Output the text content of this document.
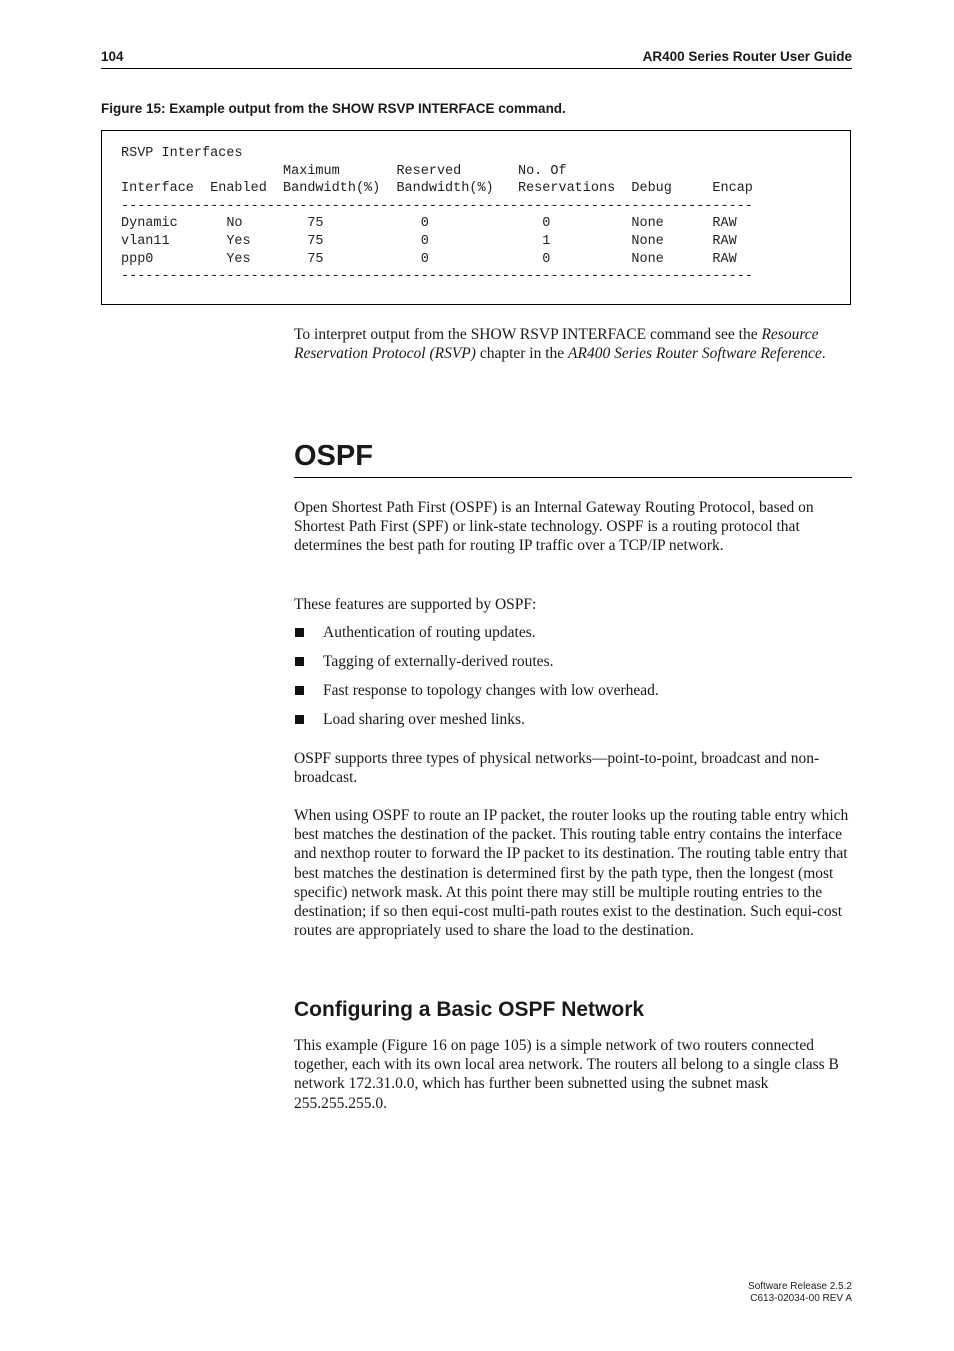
104	AR400 Series Router User Guide
Figure 15: Example output from the SHOW RSVP INTERFACE command.
RSVP Interfaces
Maximum       Reserved       No. Of
Interface  Enabled  Bandwidth(%)  Bandwidth(%)   Reservations  Debug     Encap
------------------------------------------------------------------------------
Dynamic      No        75            0              0          None      RAW
vlan11       Yes       75            0              1          None      RAW
ppp0         Yes       75            0              0          None      RAW
------------------------------------------------------------------------------

To interpret output from the SHOW RSVP INTERFACE command see the Resource Reservation Protocol (RSVP) chapter in the AR400 Series Router Software Reference.

OSPF

Open Shortest Path First (OSPF) is an Internal Gateway Routing Protocol, based on Shortest Path First (SPF) or link-state technology. OSPF is a routing protocol that determines the best path for routing IP traffic over a TCP/IP network.

These features are supported by OSPF:

Authentication of routing updates.
Tagging of externally-derived routes.
Fast response to topology changes with low overhead.
Load sharing over meshed links.

OSPF supports three types of physical networks—point-to-point, broadcast and non-broadcast.

When using OSPF to route an IP packet, the router looks up the routing table entry which best matches the destination of the packet. This routing table entry contains the interface and nexthop router to forward the IP packet to its destination. The routing table entry that best matches the destination is determined first by the path type, then the longest (most specific) network mask. At this point there may still be multiple routing entries to the destination; if so then equi-cost multi-path routes exist to the destination. Such equi-cost routes are appropriately used to share the load to the destination.

Configuring a Basic OSPF Network

This example (Figure 16 on page 105) is a simple network of two routers connected together, each with its own local area network. The routers all belong to a single class B network 172.31.0.0, which has further been subnetted using the subnet mask 255.255.255.0.

Software Release 2.5.2
C613-02034-00 REV A
